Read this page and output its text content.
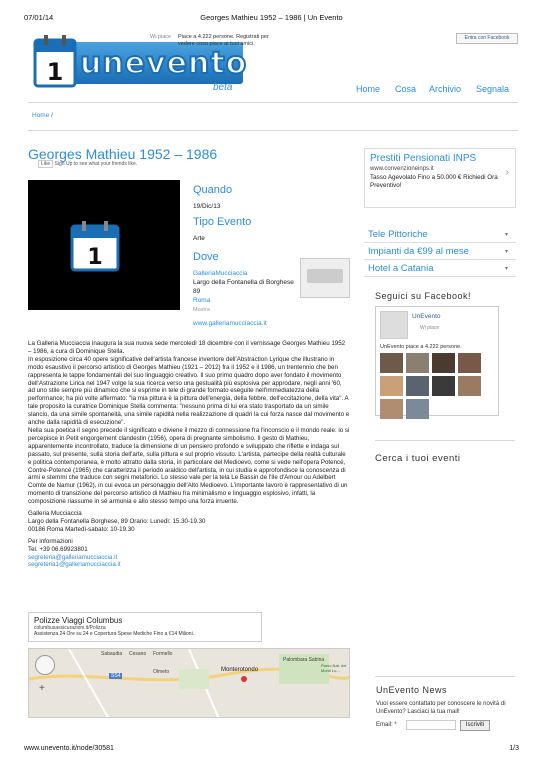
07/01/14	Georges Mathieu 1952 – 1986 | Un Evento
1 unevento
beta
Wi piace Piace a 4.222 persone. Registrati per vedere cosa piace ai tuoi amici.
Entra con Facebook
Home Cosa Archivio Segnala
Home /
Georges Mathieu 1952 – 1986
Like Sign Up to see what your friends like.
1
Quando
19/Dic/13
Tipo Evento
Arte
Dove
GalleriaMucciaccia
Largo della Fontanella di Borghese
89
Roma
Mostra
www.galleriamucciaccia.it

La Galleria Mucciaccia inaugura la sua nuova sede mercoledì 18 dicembre con il vernissage Georges Mathieu 1952 – 1986, a cura di Dominique Stella.

In esposizione circa 40 opere significative dell'artista francese inventore dell'Abstraction Lyrique che illustrano in modo esaustivo il percorso artistico di Georges Mathieu (1921 – 2012) fra il 1952 e il 1986, un trentennio che ben rappresenta le tappe fondamentali del suo linguaggio creativo. Il suo primo quadro dopo aver fondato il movimento dell'Astrazione Lirica nel 1947 volge la sua ricerca verso una gestualità più esplosiva per approdare, negli anni '60, ad uno stile sempre più dinamico che si esprime in tele di grande formato eseguite nell'immediatezza della performance; ha più volte affermato: "la mia pittura è la pittura dell'energia, della febbre, dell'eccitazione, della vita". A tale proposito la curatrice Dominique Stella commenta: "nessuno prima di lui era stato trasportato da un simile slancio, da una simile spontaneità, una simile rapidità nella realizzazione di quadri la cui forza nasce dal movimento e anche dalla rapidità di esecuzione".

Nella sua poetica il segno precede il significato e diviene il mezzo di connessione fra l'inconscio e il mondo reale: lo si percepisce in Petit engorgement clandestin (1956), opera di pregnante simbolismo. Il gesto di Mathieu, apparentemente incontrollato, traduce la dimensione di un pensiero profondo e sviluppato che riflette e indaga sul passato, sul presente, sulla storia dell'arte, sulla pittura e sul proprio vissuto. L'artista, partecipe della realtà culturale e politica contemporanea, è molto attratto dalla storia, in particolare del Medioevo, come si vede nell'opera Potencé, Contre-Potencé (1965) che caratterizza il periodo araldico dell'artista, in cui studia e approfondisce la conoscenza di armi e stemmi che traduce con segni metaforici. Lo stesso vale per la tela Le Bassin de l'Ile d'Amour ou Adelbert Comte de Namur (1962), in cui evoca un personaggio dell'Alto Medioevo. L'importante lavoro è rappresentativo di un momento di transizione del percorso artistico di Mathieu fra minimalismo e linguaggio esplosivo, infatti, la composizione riassume in sé armonia e allo stesso tempo una forza irruente.

Galleria Mucciaccia

Largo della Fontanella Borghese, 89 Orario: Lunedì: 15.30-19.30

00186 Roma Martedì-sabato: 10-19.30

Per informazioni

Tel. +39 06.69923801

segreteria@galleriamucciaccia.it

segreteria1@galleriamucciaccia.it

Polizze Viaggi Columbus
columbusassicurazioni.it/Polizza
Assistenza 24 Ore su 24 e Copertura Spese Mediche Fino a €14 Milioni.
+
Sabaudia Cesano Formello
Olmeto	Monterotondo
Palombara Sabina
Parco Nat. dei Monti Lu...
SS4
Prestiti Pensionati INPS
www.convenzioneinps.it
Tasso Agevolato Fino a 50.000 € Richiedi Ora Preventivo!
›
Tele Pittoriche	▾
Impianti da €99 al mese	▾
Hotel a Catania	▾
Seguici su Facebook!
UnEvento
Wi piace
UnEvento piace a 4.222 persone.
Cerca i tuoi eventi
UnEvento News
Vuoi essere contattato per conoscere le novità di UnEvento? Lasciaci la tua mail!
Email: *	Iscriviti
www.unevento.it/node/30581	1/3
